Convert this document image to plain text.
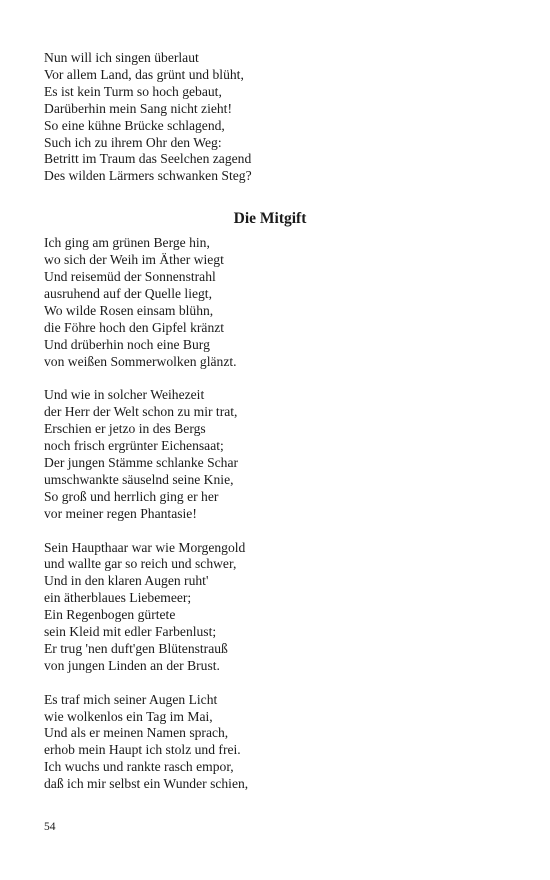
Nun will ich singen überlaut
Vor allem Land, das grünt und blüht,
Es ist kein Turm so hoch gebaut,
Darüberhin mein Sang nicht zieht!
So eine kühne Brücke schlagend,
Such ich zu ihrem Ohr den Weg:
Betritt im Traum das Seelchen zagend
Des wilden Lärmers schwanken Steg?
Die Mitgift
Ich ging am grünen Berge hin,
wo sich der Weih im Äther wiegt
Und reisemüd der Sonnenstrahl
ausruhend auf der Quelle liegt,
Wo wilde Rosen einsam blühn,
die Föhre hoch den Gipfel kränzt
Und drüberhin noch eine Burg
von weißen Sommerwolken glänzt.
Und wie in solcher Weihezeit
der Herr der Welt schon zu mir trat,
Erschien er jetzo in des Bergs
noch frisch ergrünter Eichensaat;
Der jungen Stämme schlanke Schar
umschwankte säuselnd seine Knie,
So groß und herrlich ging er her
vor meiner regen Phantasie!
Sein Haupthaar war wie Morgengold
und wallte gar so reich und schwer,
Und in den klaren Augen ruht'
ein ätherblaues Liebemeer;
Ein Regenbogen gürtete
sein Kleid mit edler Farbenlust;
Er trug 'nen duft'gen Blütenstrauß
von jungen Linden an der Brust.
Es traf mich seiner Augen Licht
wie wolkenlos ein Tag im Mai,
Und als er meinen Namen sprach,
erhob mein Haupt ich stolz und frei.
Ich wuchs und rankte rasch empor,
daß ich mir selbst ein Wunder schien,
54
